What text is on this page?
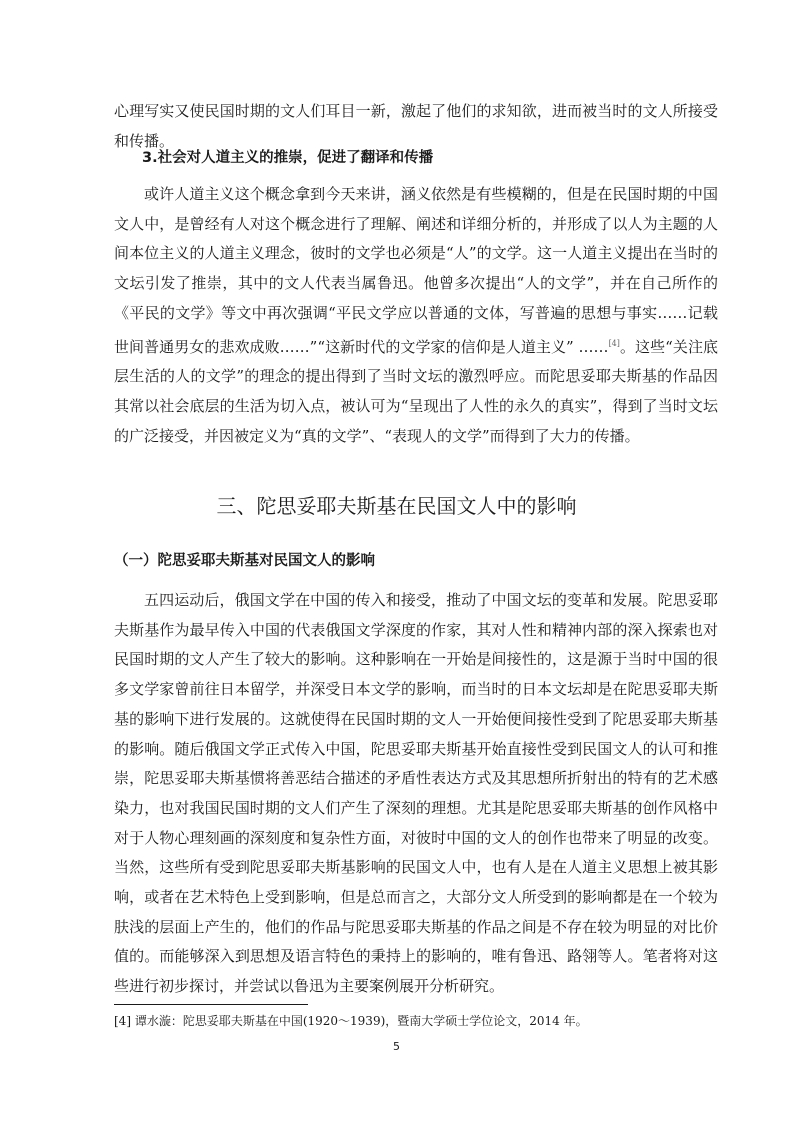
心理写实又使民国时期的文人们耳目一新，激起了他们的求知欲，进而被当时的文人所接受和传播。

3.社会对人道主义的推崇，促进了翻译和传播

或许人道主义这个概念拿到今天来讲，涵义依然是有些模糊的，但是在民国时期的中国文人中，是曾经有人对这个概念进行了理解、阐述和详细分析的，并形成了以人为主题的人间本位主义的人道主义理念，彼时的文学也必须是“人”的文学。这一人道主义提出在当时的文坛引发了推崇，其中的文人代表当属鲁迅。他曾多次提出“人的文学”，并在自己所作的《平民的文学》等文中再次强调“平民文学应以普通的文体，写普遍的思想与事实……记载世间普通男女的悲欢成败……”“这新时代的文学家的信仰是人道主义” ……[4]。这些“关注底层生活的人的文学”的理念的提出得到了当时文坛的激烈呼应。而陀思妥耶夫斯基的作品因其常以社会底层的生活为切入点，被认可为“呈现出了人性的永久的真实”，得到了当时文坛的广泛接受，并因被定义为“真的文学”、“表现人的文学”而得到了大力的传播。

三、陀思妥耶夫斯基在民国文人中的影响

（一）陀思妥耶夫斯基对民国文人的影响

五四运动后，俄国文学在中国的传入和接受，推动了中国文坛的变革和发展。陀思妥耶夫斯基作为最早传入中国的代表俄国文学深度的作家，其对人性和精神内部的深入探索也对民国时期的文人产生了较大的影响。这种影响在一开始是间接性的，这是源于当时中国的很多文学家曾前往日本留学，并深受日本文学的影响，而当时的日本文坛却是在陀思妥耶夫斯基的影响下进行发展的。这就使得在民国时期的文人一开始便间接性受到了陀思妥耶夫斯基的影响。随后俄国文学正式传入中国，陀思妥耶夫斯基开始直接性受到民国文人的认可和推崇，陀思妥耶夫斯基惯将善恶结合描述的矛盾性表达方式及其思想所折射出的特有的艺术感染力，也对我国民国时期的文人们产生了深刻的理想。尤其是陀思妥耶夫斯基的创作风格中对于人物心理刻画的深刻度和复杂性方面，对彼时中国的文人的创作也带来了明显的改变。当然，这些所有受到陀思妥耶夫斯基影响的民国文人中，也有人是在人道主义思想上被其影响，或者在艺术特色上受到影响，但是总而言之，大部分文人所受到的影响都是在一个较为肤浅的层面上产生的，他们的作品与陀思妥耶夫斯基的作品之间是不存在较为明显的对比价值的。而能够深入到思想及语言特色的秉持上的影响的，唯有鲁迅、路翎等人。笔者将对这些进行初步探讨，并尝试以鲁迅为主要案例展开分析研究。

[4] 谭水漩：陀思妥耶夫斯基在中国(1920～1939)，暨南大学硕士学位论文，2014 年。

5
